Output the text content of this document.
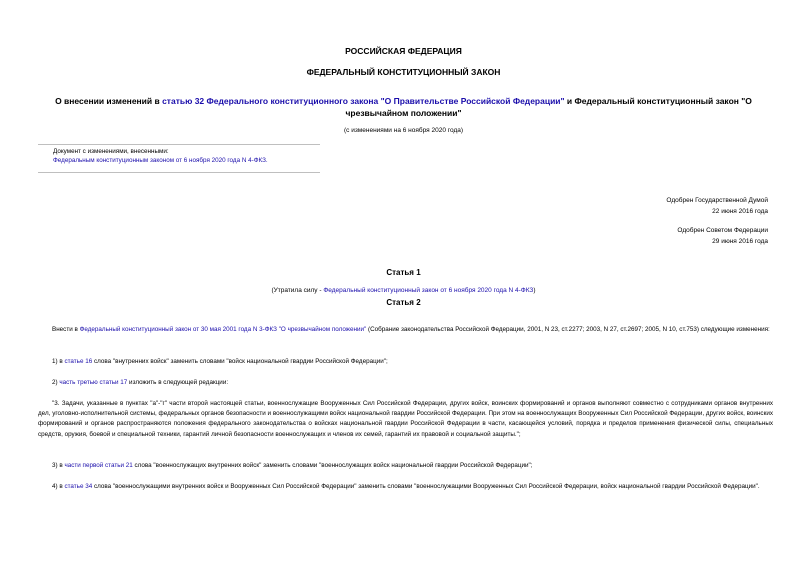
РОССИЙСКАЯ ФЕДЕРАЦИЯ
ФЕДЕРАЛЬНЫЙ КОНСТИТУЦИОННЫЙ ЗАКОН
О внесении изменений в статью 32 Федерального конституционного закона "О Правительстве Российской Федерации" и Федеральный конституционный закон "О чрезвычайном положении"
(с изменениями на 6 ноября 2020 года)
Документ с изменениями, внесенными:
Федеральным конституционным законом от 6 ноября 2020 года N 4-ФКЗ.
Одобрен Государственной Думой
22 июня 2016 года
Одобрен Советом Федерации
29 июня 2016 года
Статья 1
(Утратила силу - Федеральный конституционный закон от 6 ноября 2020 года N 4-ФКЗ)
Статья 2
Внести в Федеральный конституционный закон от 30 мая 2001 года N 3-ФКЗ "О чрезвычайном положении" (Собрание законодательства Российской Федерации, 2001, N 23, ст.2277; 2003, N 27, ст.2697; 2005, N 10, ст.753) следующие изменения:
1) в статье 16 слова "внутренних войск" заменить словами "войск национальной гвардии Российской Федерации";
2) часть третью статьи 17 изложить в следующей редакции:
"3. Задачи, указанные в пунктах "а"-"г" части второй настоящей статьи, военнослужащие Вооруженных Сил Российской Федерации, других войск, воинских формирований и органов выполняют совместно с сотрудниками органов внутренних дел, уголовно-исполнительной системы, федеральных органов безопасности и военнослужащими войск национальной гвардии Российской Федерации. При этом на военнослужащих Вооруженных Сил Российской Федерации, других войск, воинских формирований и органов распространяются положения федерального законодательства о войсках национальной гвардии Российской Федерации в части, касающейся условий, порядка и пределов применения физической силы, специальных средств, оружия, боевой и специальной техники, гарантий личной безопасности военнослужащих и членов их семей, гарантий их правовой и социальной защиты.";
3) в части первой статьи 21 слова "военнослужащих внутренних войск" заменить словами "военнослужащих войск национальной гвардии Российской Федерации";
4) в статье 34 слова "военнослужащими внутренних войск и Вооруженных Сил Российской Федерации" заменить словами "военнослужащими Вооруженных Сил Российской Федерации, войск национальной гвардии Российской Федерации".
